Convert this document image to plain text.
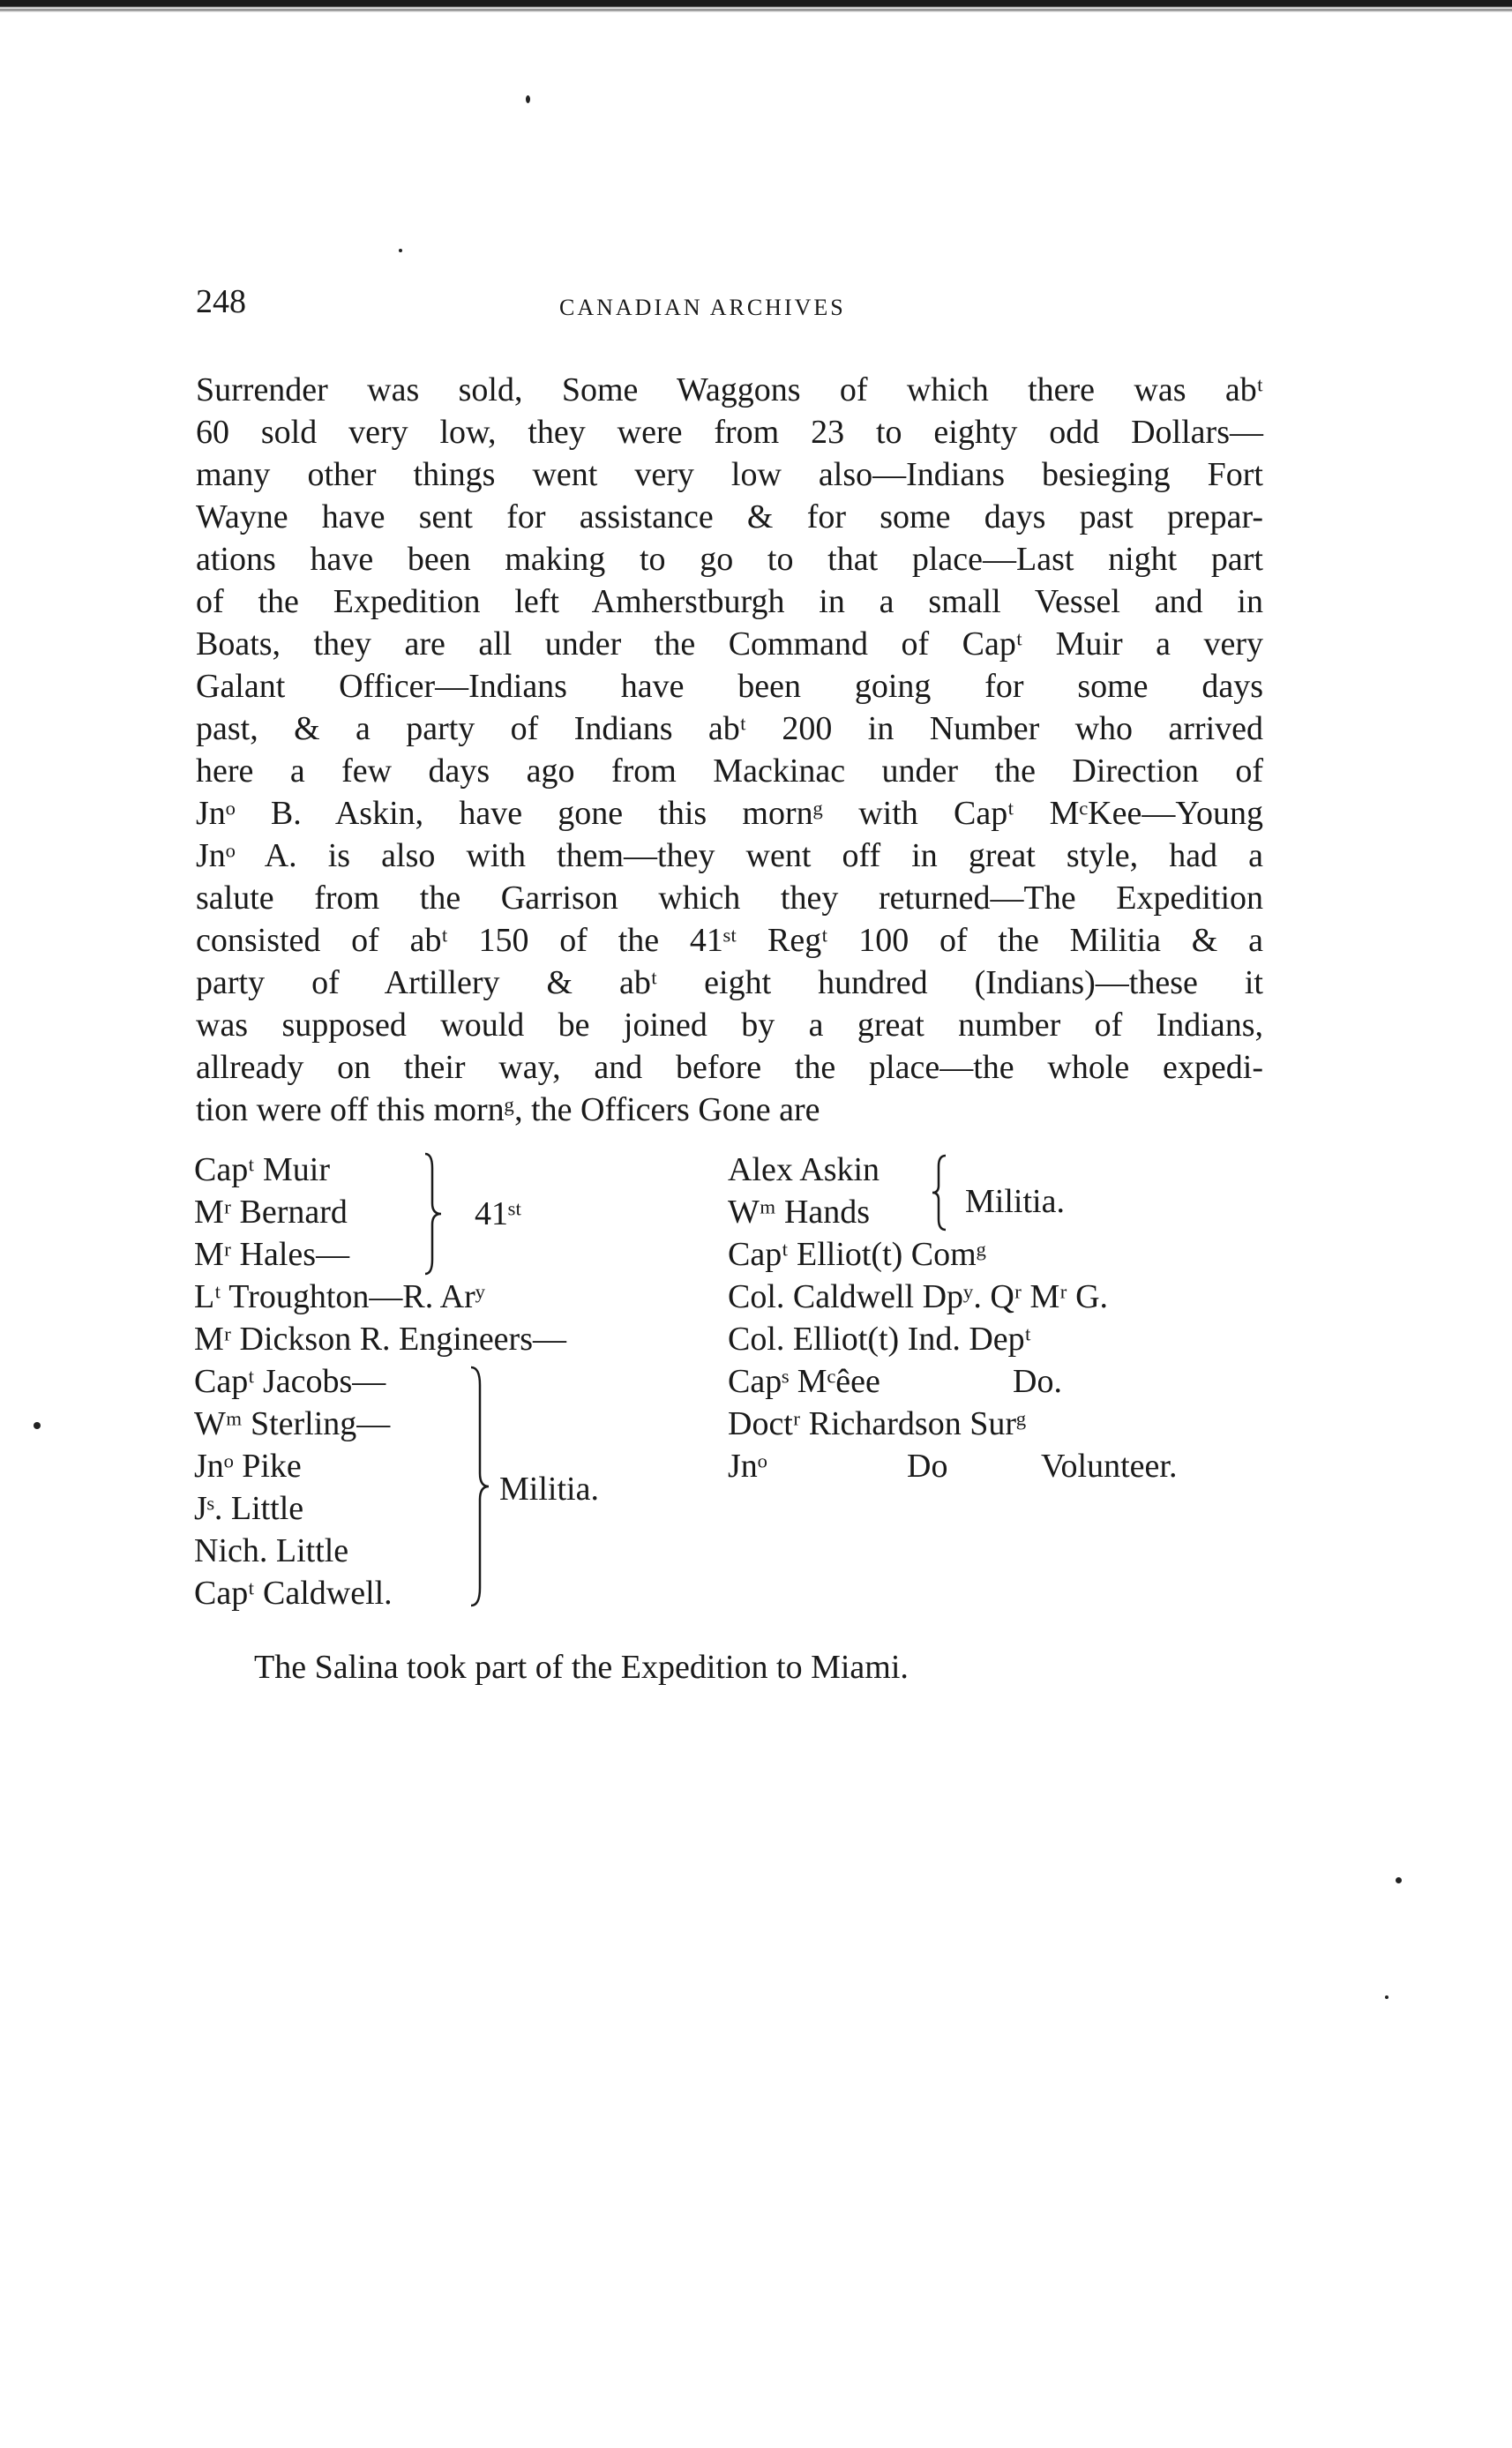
248	CANADIAN ARCHIVES
Surrender was sold, Some Waggons of which there was abᵗ
60 sold very low, they were from 23 to eighty odd Dollars—
many other things went very low also—Indians besieging Fort
Wayne have sent for assistance & for some days past prepar-
ations have been making to go to that place—Last night part
of the Expedition left Amherstburgh in a small Vessel and in
Boats, they are all under the Command of Capᵗ Muir a very
Galant Officer—Indians have been going for some days
past, & a party of Indians abᵗ 200 in Number who arrived
here a few days ago from Mackinac under the Direction of
Jnᵒ B. Askin, have gone this mornᵍ with Capᵗ MᶜKee—Young
Jnᵒ A. is also with them—they went off in great style, had a
salute from the Garrison which they returned—The Expedition
consisted of abᵗ 150 of the 41ˢᵗ Regᵗ 100 of the Militia & a
party of Artillery & abᵗ eight hundred (Indians)—these it
was supposed would be joined by a great number of Indians,
allready on their way, and before the place—the whole expedi-
tion were off this mornᵍ, the Officers Gone are
Capᵗ Muir
Mʳ Bernard
Mʳ Hales—
Lᵗ Troughton—R. Arʸ
Mʳ Dickson R. Engineers—
Capᵗ Jacobs—
Wᵐ Sterling—
Jnᵒ Pike
Jˢ. Little
Nich. Little
Capᵗ Caldwell.
41ˢᵗ
Militia.
Alex Askin
Wᵐ Hands
Capᵗ Elliot(t) Comᵍ
Col. Caldwell Dpʸ. Qʳ Mʳ G.
Col. Elliot(t) Ind. Depᵗ
Capˢ Mᶜêee
Doctʳ Richardson Surᵍ
Jnᵒ
Militia.
Do.
Do	Volunteer.
The Salina took part of the Expedition to Miami.
